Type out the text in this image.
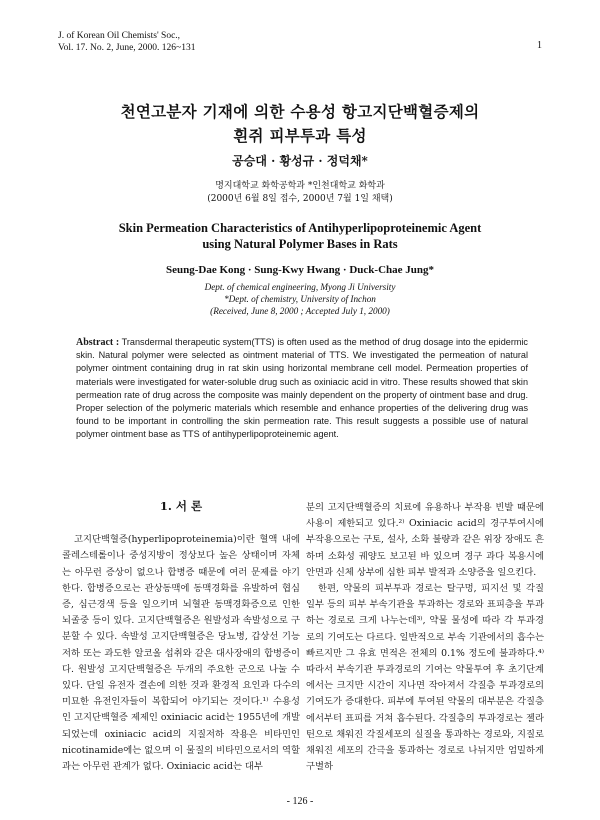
J. of Korean Oil Chemists' Soc.,
Vol. 17. No. 2, June, 2000. 126~131	1
천연고분자 기재에 의한 수용성 항고지단백혈증제의
흰쥐 피부투과 특성
공승대 · 황성규 · 정덕채*
명지대학교 화학공학과 *인천대학교 화학과
(2000년 6월 8일 접수, 2000년 7월 1일 채택)
Skin Permeation Characteristics of Antihyperlipoproteinemic Agent
using Natural Polymer Bases in Rats
Seung-Dae Kong · Sung-Kwy Hwang · Duck-Chae Jung*
Dept. of chemical engineering, Myong Ji University
*Dept. of chemistry, University of Inchon
(Received, June 8, 2000 ; Accepted July 1, 2000)
Abstract : Transdermal therapeutic system(TTS) is often used as the method of drug dosage into the epidermic skin. Natural polymer were selected as ointment material of TTS. We investigated the permeation of natural polymer ointment containing drug in rat skin using horizontal membrane cell model. Permeation properties of materials were investigated for water-soluble drug such as oxiniacic acid in vitro. These results showed that skin permeation rate of drug across the composite was mainly dependent on the property of ointment base and drug. Proper selection of the polymeric materials which resemble and enhance properties of the delivering drug was found to be important in controlling the skin permeation rate. This result suggests a possible use of natural polymer ointment base as TTS of antihyperlipoproteinemic agent.
1. 서 론

고지단백혈증(hyperlipoproteinemia)이란 혈액 내에 콜레스테롤이나 중성지방이 정상보다 높은 상태이며 자체는 아무런 증상이 없으나 합병증 때문에 여러 문제를 야기한다. 합병증으로는 관상동맥에 동맥경화를 유발하여 협심증, 심근경색 등을 일으키며 뇌혈관 동맥경화증으로 인한 뇌졸중 등이 있다. 고지단백혈증은 원발성과 속발성으로 구분할 수 있다. 속발성 고지단백혈증은 당뇨병, 갑상선 기능저하 또는 과도한 알코올 섭취와 같은 대사장애의 합병증이다. 원발성 고지단백혈증은 두개의 주요한 군으로 나눌 수 있다. 단일 유전자 결손에 의한 것과 환경적 요인과 다수의 미묘한 유전인자들이 복합되어 야기되는 것이다.¹⁾ 수용성인 고지단백혈증 제제인 oxiniacic acid는 1955년에 개발되었는데 oxiniacic acid의 지질저하 작용은 비타민인 nicotinamide에는 없으며 이 물질의 비타민으로서의 역할과는 아무런 관계가 없다. Oxiniacic acid는 대부

분의 고지단백혈증의 치료에 유용하나 부작용 빈발 때문에 사용이 제한되고 있다.²⁾ Oxiniacic acid의 경구투여시에 부작용으로는 구토, 설사, 소화 불량과 같은 위장 장애도 흔하며 소화성 궤양도 보고된 바 있으며 경구 과다 복용시에 안면과 신체 상부에 심한 피부 발적과 소양증을 일으킨다.

한편, 약물의 피부투과 경로는 탈구멍, 피지선 및 각질 일부 등의 피부 부속기관을 투과하는 경로와 표피층을 투과하는 경로로 크게 나누는데³⁾, 약물 물성에 따라 각 투과경로의 기여도는 다르다. 일반적으로 부속 기관에서의 흡수는 빠르지만 그 유효 면적은 전체의 0.1% 정도에 불과하다.⁴⁾ 따라서 부속기관 투과경로의 기여는 약물투여 후 초기단계에서는 크지만 시간이 지나면 작아져서 각질층 투과경로의 기여도가 증대한다. 피부에 투여된 약물의 대부분은 각질층에서부터 표피를 거쳐 흡수된다. 각질층의 투과경로는 젤라틴으로 채워진 각질세포의 실질을 통과하는 경로와, 지질로 채워진 세포의 간극을 통과하는 경로로 나뉘지만 엄밀하게 구별하

- 126 -
